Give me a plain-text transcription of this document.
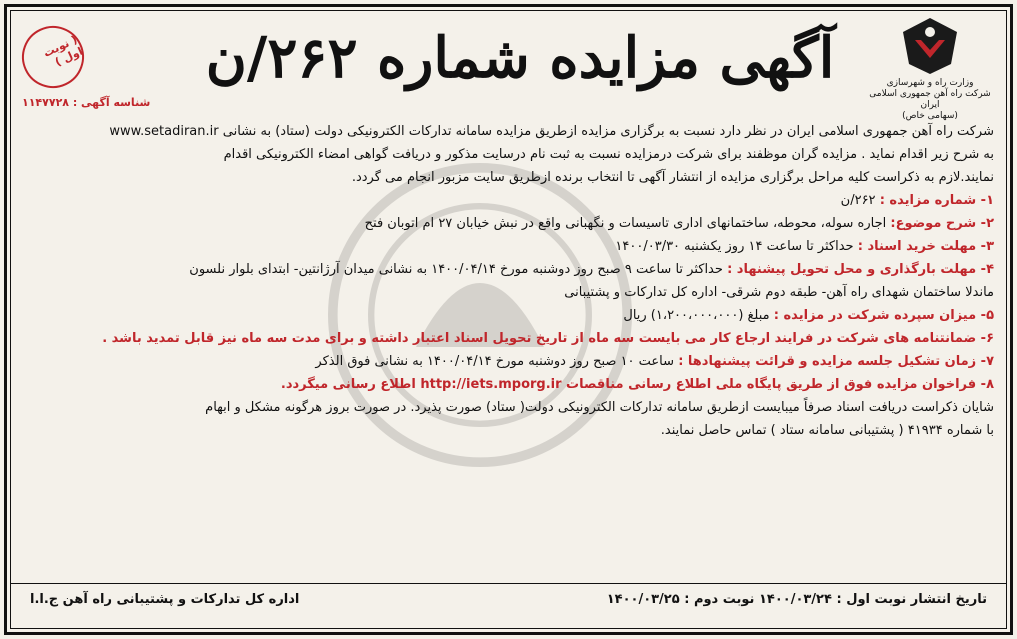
( نوبت اول )
شناسه آگهی : ۱۱۴۷۷۲۸
آگهی مزایده شماره ۲۶۲/ن	وزارت راه و شهرسازی
شرکت راه آهن جمهوری اسلامی ایران
(سهامی خاص)
شرکت راه آهن جمهوری اسلامی ایران در نظر دارد نسبت به برگزاری مزایده ازطریق مزایده سامانه تدارکات الکترونیکی دولت (ستاد) به نشانی www.setadiran.ir
به شرح زیر اقدام نماید . مزایده گران موظفند برای شرکت درمزایده نسبت به ثبت نام درسایت مذکور و دریافت گواهی امضاء الکترونیکی اقدام
نمایند.لازم به ذکراست کلیه مراحل برگزاری مزایده از انتشار آگهی تا انتخاب برنده ازطریق سایت مزبور انجام می گردد.
۱- شماره مزایده : ۲۶۲/ن
۲- شرح موضوع: اجاره سوله، محوطه، ساختمانهای اداری تاسیسات و نگهبانی واقع در نبش خیابان ۲۷ ام اتوبان فتح
۳- مهلت خرید اسناد : حداکثر تا ساعت ۱۴ روز یکشنبه ۱۴۰۰/۰۳/۳۰
۴- مهلت بارگذاری و محل تحویل پیشنهاد : حداکثر تا ساعت ۹ صبح روز دوشنبه مورخ ۱۴۰۰/۰۴/۱۴ به نشانی میدان آرژانتین- ابتدای بلوار نلسون
ماندلا ساختمان شهدای راه آهن- طبقه دوم شرقی- اداره کل تدارکات و پشتیبانی
۵- میزان سپرده شرکت در مزایده : مبلغ (۱،۲۰۰،۰۰۰،۰۰۰) ریال
۶- ضمانتنامه های شرکت در فرایند ارجاع کار می بایست سه ماه از تاریخ تحویل اسناد اعتبار داشته و برای مدت سه ماه نیز قابل تمدید باشد .
۷- زمان تشکیل جلسه مزایده و قرائت پیشنهادها : ساعت ۱۰ صبح روز دوشنبه مورخ ۱۴۰۰/۰۴/۱۴ به نشانی فوق الذکر
۸- فراخوان مزایده فوق از طریق پایگاه ملی اطلاع رسانی مناقصات http://iets.mporg.ir اطلاع رسانی میگردد.
شایان ذکراست دریافت اسناد صرفاً میبایست ازطریق سامانه تدارکات الکترونیکی دولت( ستاد) صورت پذیرد. در صورت بروز هرگونه مشکل و ابهام
با شماره ۴۱۹۳۴ ( پشتیبانی سامانه ستاد ) تماس حاصل نمایند.
تاریخ انتشار نوبت اول : ۱۴۰۰/۰۳/۲۴ نوبت دوم : ۱۴۰۰/۰۳/۲۵
اداره کل تدارکات و پشتیبانی راه آهن ج.ا.ا
